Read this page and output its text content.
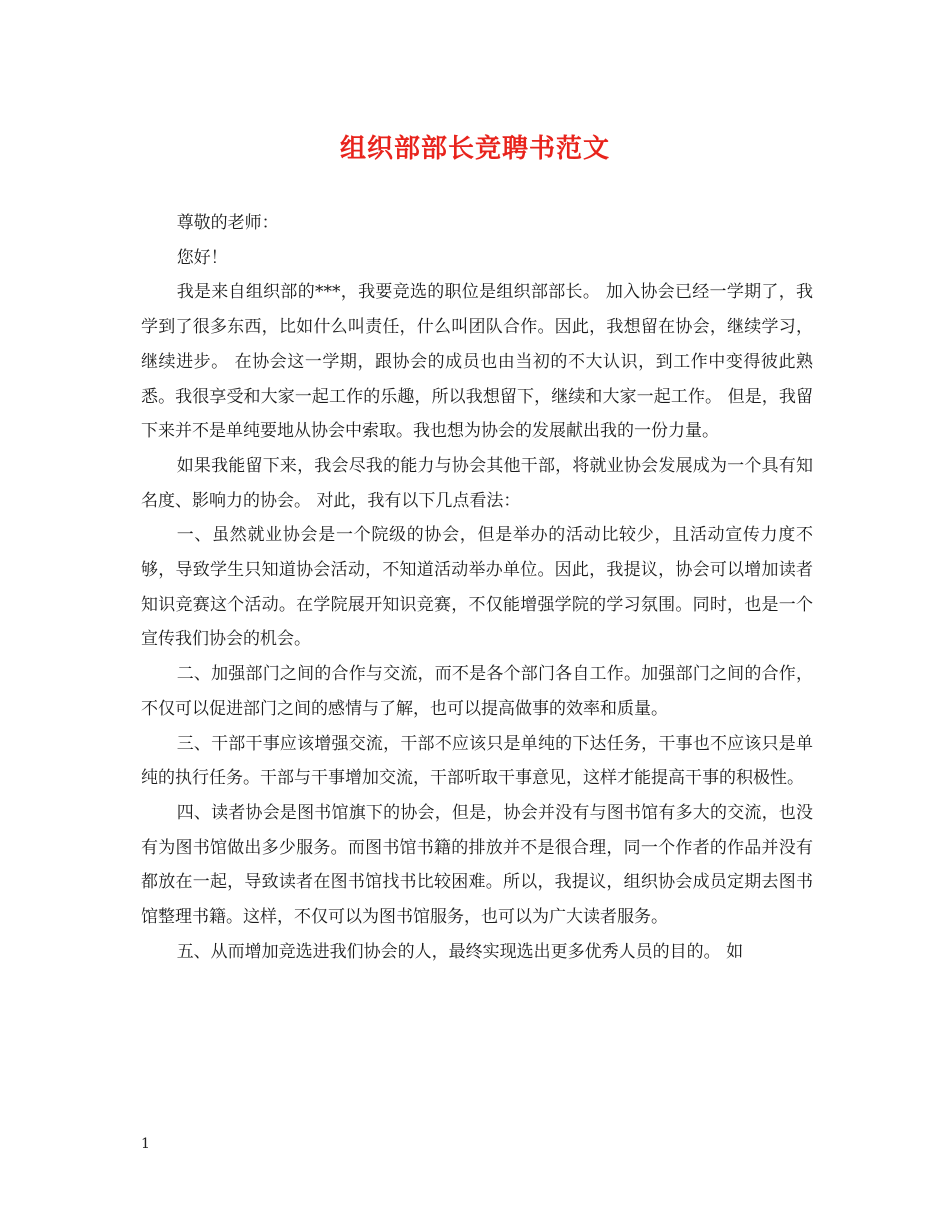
组织部部长竞聘书范文

尊敬的老师：

您好！

我是来自组织部的***，我要竞选的职位是组织部部长。 加入协会已经一学期了，我学到了很多东西，比如什么叫责任，什么叫团队合作。因此，我想留在协会，继续学习，继续进步。 在协会这一学期，跟协会的成员也由当初的不大认识，到工作中变得彼此熟悉。我很享受和大家一起工作的乐趣，所以我想留下，继续和大家一起工作。 但是，我留下来并不是单纯要地从协会中索取。我也想为协会的发展献出我的一份力量。

如果我能留下来，我会尽我的能力与协会其他干部，将就业协会发展成为一个具有知名度、影响力的协会。 对此，我有以下几点看法：

一、虽然就业协会是一个院级的协会，但是举办的活动比较少，且活动宣传力度不够，导致学生只知道协会活动，不知道活动举办单位。因此，我提议，协会可以增加读者知识竞赛这个活动。在学院展开知识竞赛，不仅能增强学院的学习氛围。同时，也是一个宣传我们协会的机会。

二、加强部门之间的合作与交流，而不是各个部门各自工作。加强部门之间的合作，不仅可以促进部门之间的感情与了解，也可以提高做事的效率和质量。

三、干部干事应该增强交流，干部不应该只是单纯的下达任务，干事也不应该只是单纯的执行任务。干部与干事增加交流，干部听取干事意见，这样才能提高干事的积极性。

四、读者协会是图书馆旗下的协会，但是，协会并没有与图书馆有多大的交流，也没有为图书馆做出多少服务。而图书馆书籍的排放并不是很合理，同一个作者的作品并没有都放在一起，导致读者在图书馆找书比较困难。所以，我提议，组织协会成员定期去图书馆整理书籍。这样，不仅可以为图书馆服务，也可以为广大读者服务。

五、从而增加竞选进我们协会的人，最终实现选出更多优秀人员的目的。 如

1
